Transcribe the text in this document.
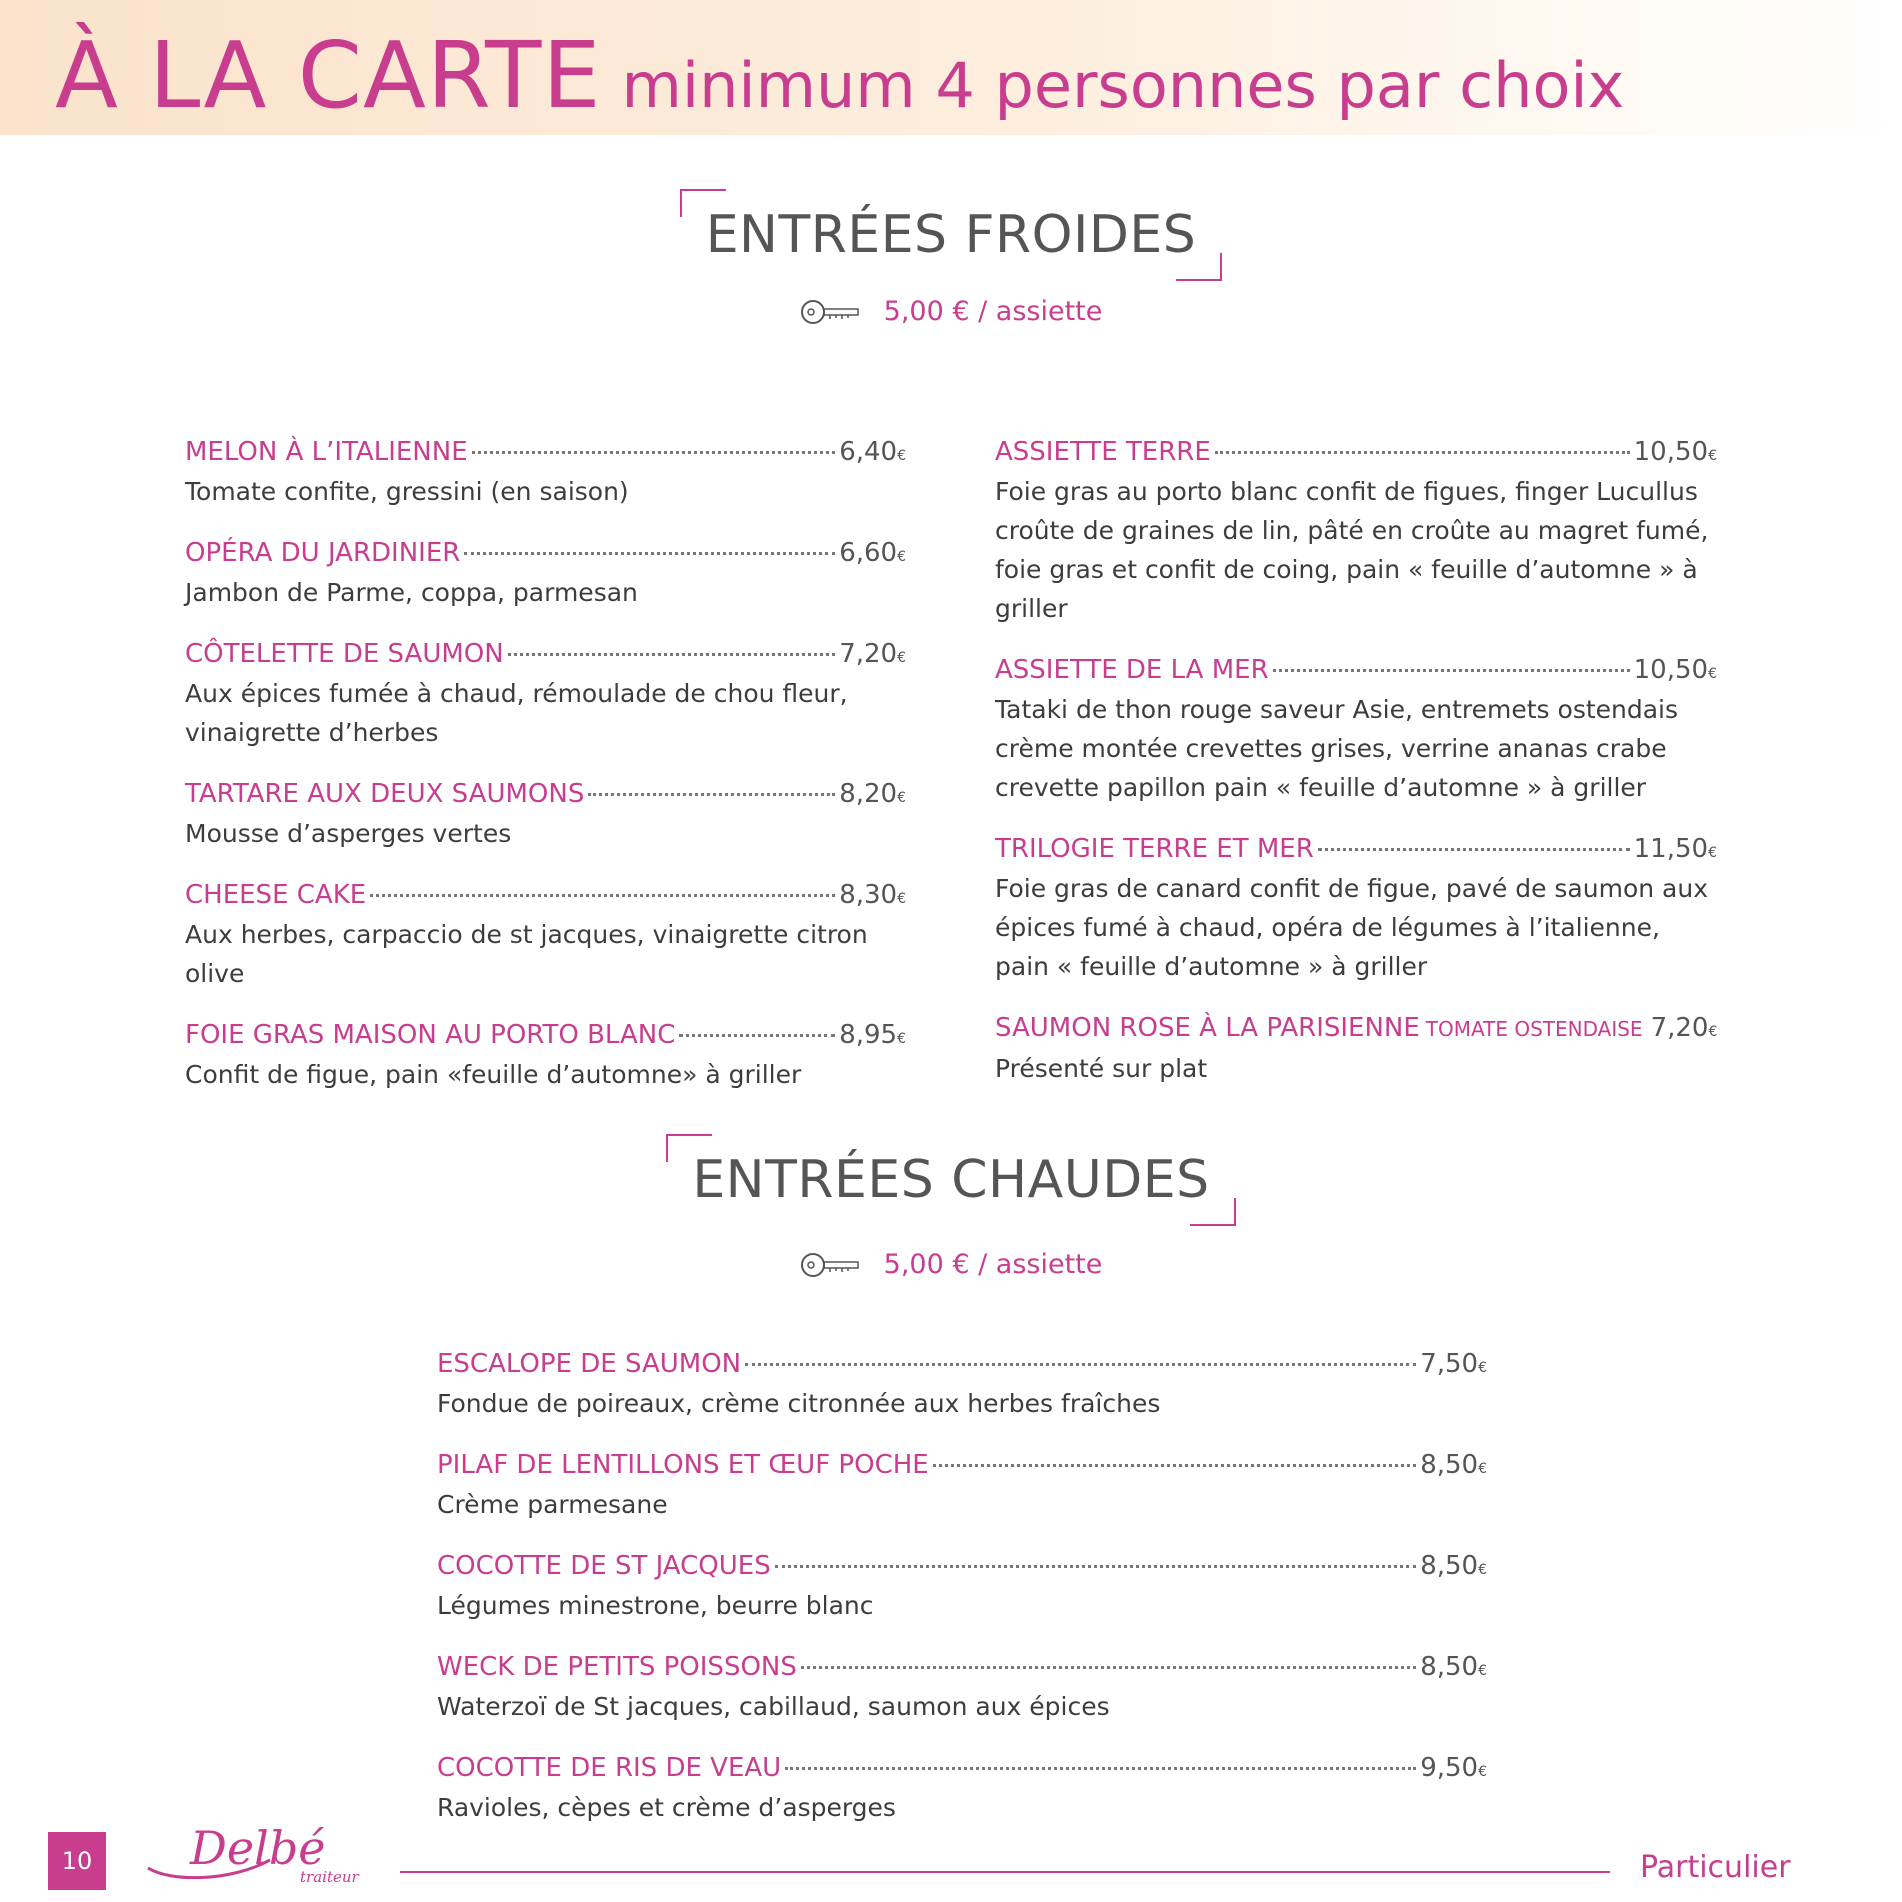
À LA CARTE minimum 4 personnes par choix
ENTRÉES FROIDES
5,00 € / assiette
MELON À L’ITALIENNE	6,40€
Tomate confite, gressini (en saison)
OPÉRA DU JARDINIER	6,60€
Jambon de Parme, coppa, parmesan
CÔTELETTE DE SAUMON	7,20€
Aux épices fumée à chaud, rémoulade de chou fleur, vinaigrette d’herbes
TARTARE AUX DEUX SAUMONS	8,20€
Mousse d’asperges vertes
CHEESE CAKE	8,30€
Aux herbes, carpaccio de st jacques, vinaigrette citron olive
FOIE GRAS MAISON AU PORTO BLANC	8,95€
Confit de figue, pain «feuille d’automne» à griller
ASSIETTE TERRE	10,50€
Foie gras au porto blanc confit de figues, finger Lucullus croûte de graines de lin, pâté en croûte au magret fumé, foie gras et confit de coing, pain « feuille d’automne » à griller
ASSIETTE DE LA MER	10,50€
Tataki de thon rouge saveur Asie, entremets ostendais crème montée crevettes grises, verrine ananas crabe crevette papillon pain « feuille d’automne » à griller
TRILOGIE TERRE ET MER	11,50€
Foie gras de canard confit de figue, pavé de saumon aux épices fumé à chaud, opéra de légumes à l’italienne, pain « feuille d’automne » à griller
SAUMON ROSE À LA PARISIENNE TOMATE OSTENDAISE 7,20€
Présenté sur plat
ENTRÉES CHAUDES
5,00 € / assiette
ESCALOPE DE SAUMON	7,50€
Fondue de poireaux, crème citronnée aux herbes fraîches
PILAF DE LENTILLONS ET ŒUF POCHE	8,50€
Crème parmesane
COCOTTE DE ST JACQUES	8,50€
Légumes minestrone, beurre blanc
WECK DE PETITS POISSONS	8,50€
Waterzoï de St jacques, cabillaud, saumon aux épices
COCOTTE DE RIS DE VEAU	9,50€
Ravioles, cèpes et crème d’asperges
10 Delbé
traiteur	Particulier
